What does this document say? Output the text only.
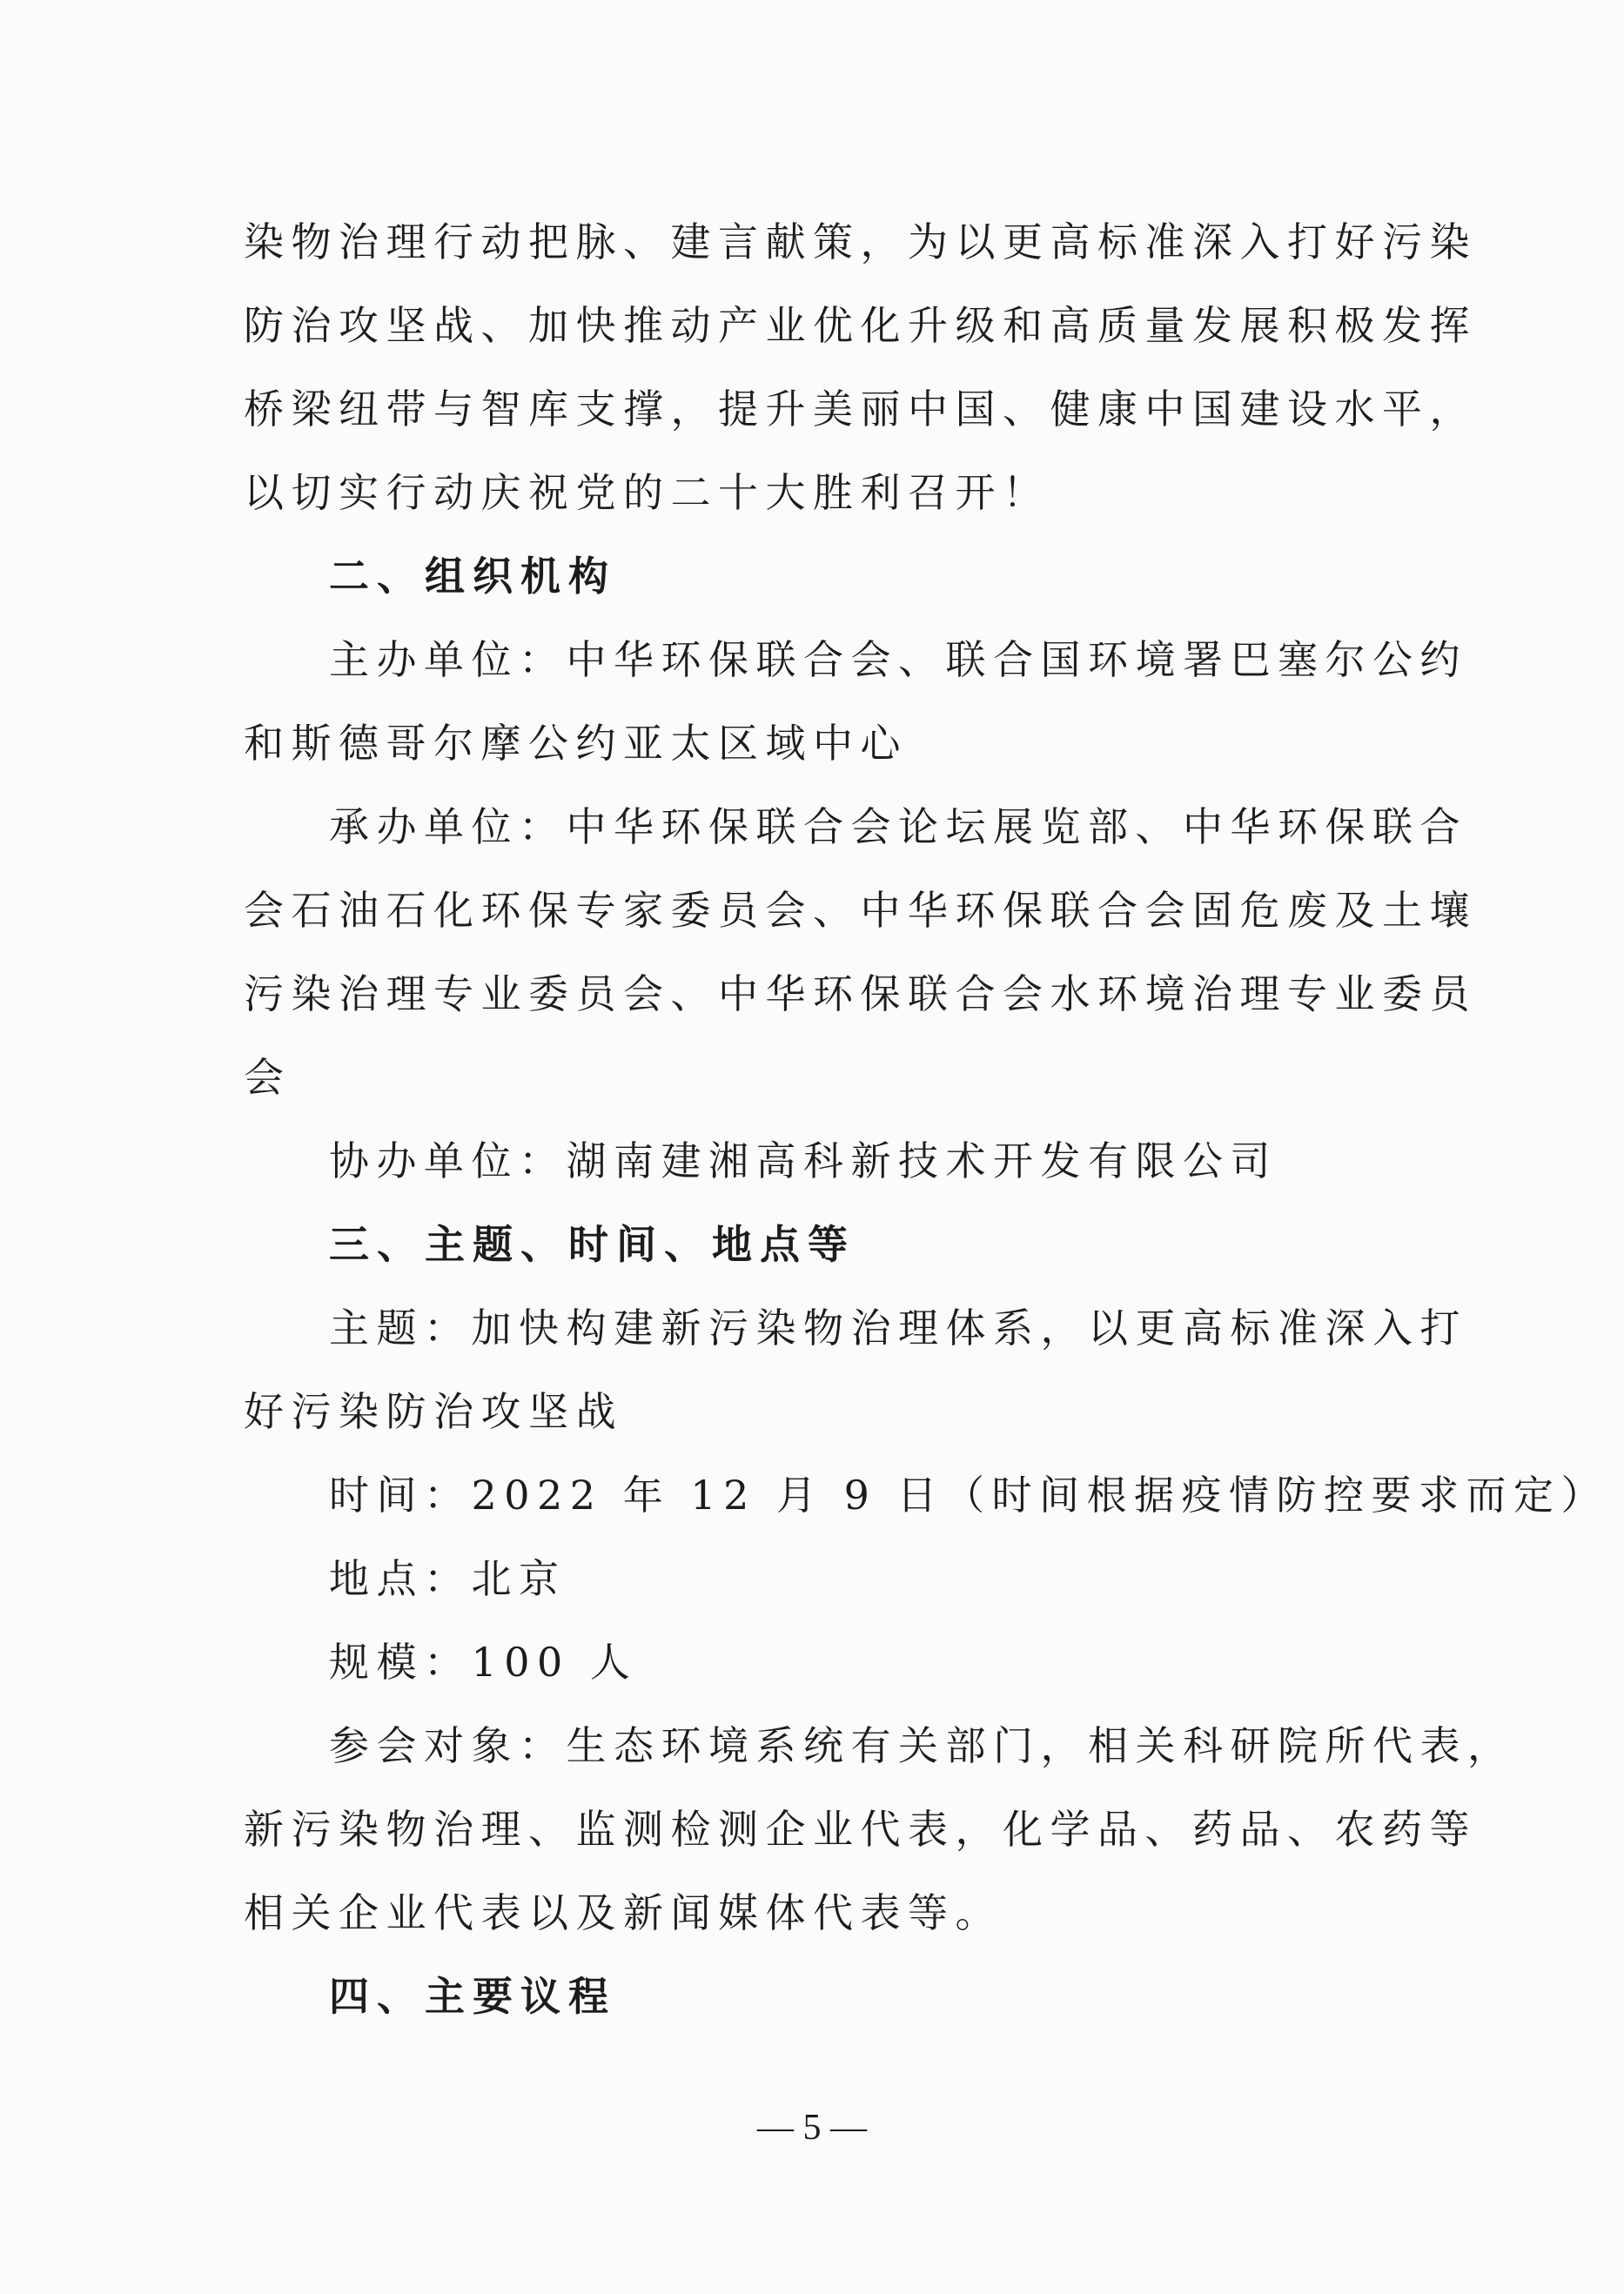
染物治理行动把脉、建言献策，为以更高标准深入打好污染

防治攻坚战、加快推动产业优化升级和高质量发展积极发挥

桥梁纽带与智库支撑，提升美丽中国、健康中国建设水平，

以切实行动庆祝党的二十大胜利召开！

二、组织机构

主办单位：中华环保联合会、联合国环境署巴塞尔公约

和斯德哥尔摩公约亚太区域中心

承办单位：中华环保联合会论坛展览部、中华环保联合

会石油石化环保专家委员会、中华环保联合会固危废及土壤

污染治理专业委员会、中华环保联合会水环境治理专业委员

会

协办单位：湖南建湘高科新技术开发有限公司

三、主题、时间、地点等

主题：加快构建新污染物治理体系，以更高标准深入打

好污染防治攻坚战

时间：2022 年 12 月 9 日（时间根据疫情防控要求而定）

地点：北京

规模：100 人

参会对象：生态环境系统有关部门，相关科研院所代表，

新污染物治理、监测检测企业代表，化学品、药品、农药等

相关企业代表以及新闻媒体代表等。

四、主要议程

— 5 —
